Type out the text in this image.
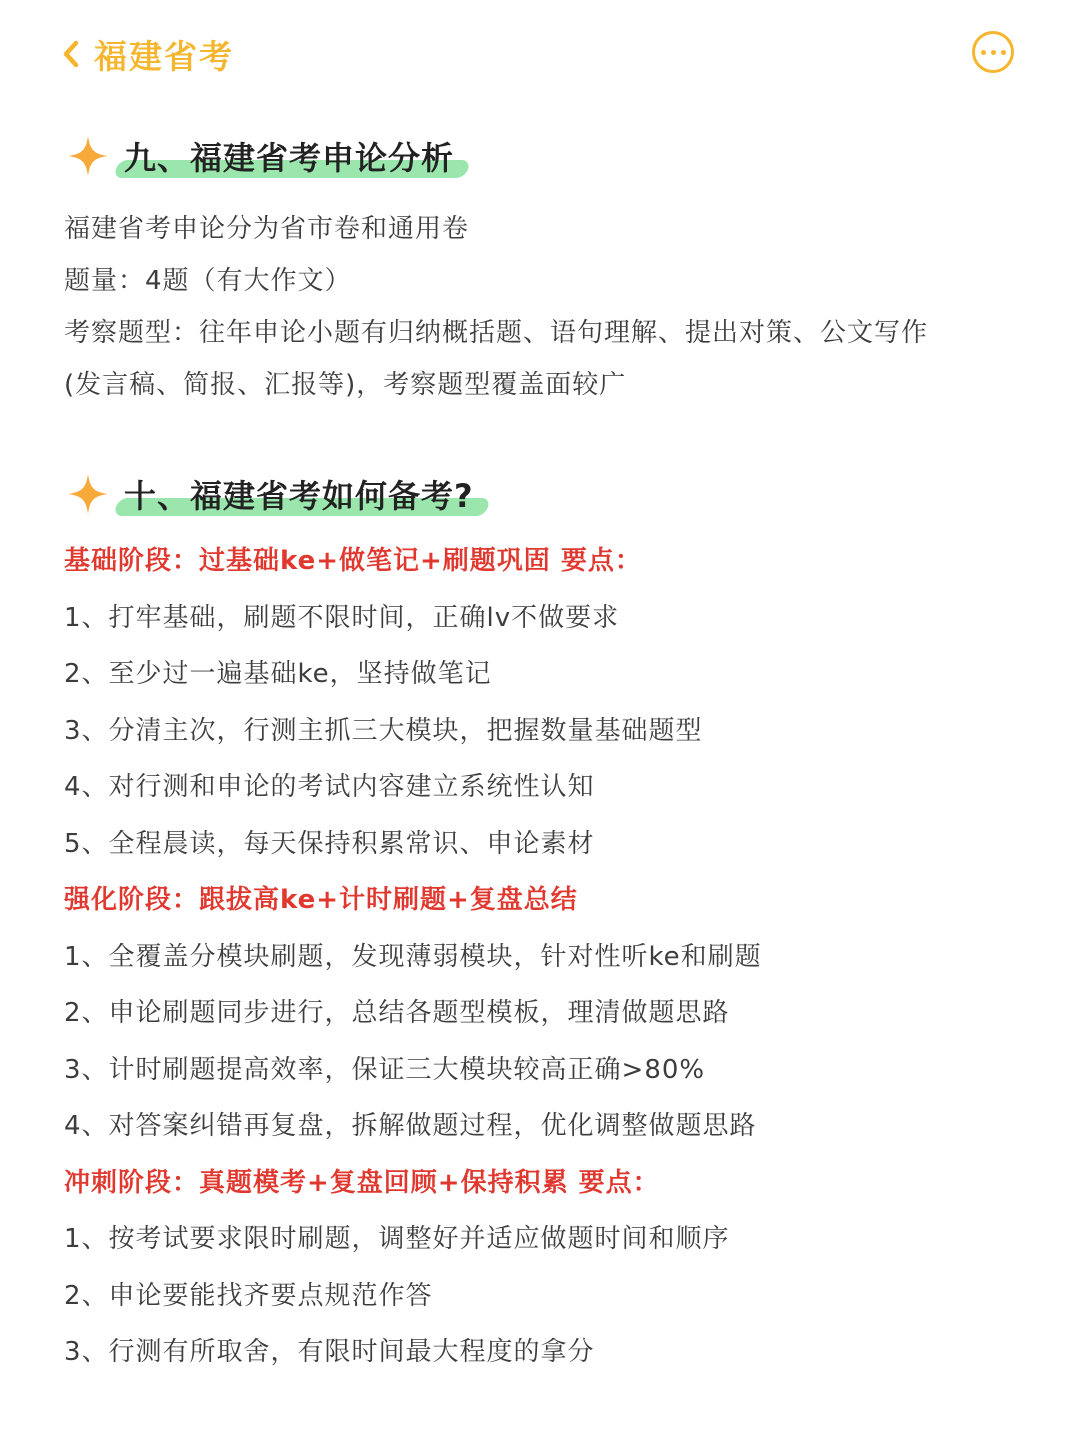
福建省考
九、福建省考申论分析
福建省考申论分为省市卷和通用卷
题量：4题（有大作文）
考察题型：往年申论小题有归纳概括题、语句理解、提出对策、公文写作
(发言稿、简报、汇报等)，考察题型覆盖面较广
十、福建省考如何备考?
基础阶段：过基础ke+做笔记+刷题巩固 要点：
1、打牢基础，刷题不限时间，正确lv不做要求
2、至少过一遍基础ke，坚持做笔记
3、分清主次，行测主抓三大模块，把握数量基础题型
4、对行测和申论的考试内容建立系统性认知
5、全程晨读，每天保持积累常识、申论素材
强化阶段：跟拔高ke+计时刷题+复盘总结
1、全覆盖分模块刷题，发现薄弱模块，针对性听ke和刷题
2、申论刷题同步进行，总结各题型模板，理清做题思路
3、计时刷题提高效率，保证三大模块较高正确>80%
4、对答案纠错再复盘，拆解做题过程，优化调整做题思路
冲刺阶段：真题模考+复盘回顾+保持积累 要点：
1、按考试要求限时刷题，调整好并适应做题时间和顺序
2、申论要能找齐要点规范作答
3、行测有所取舍，有限时间最大程度的拿分
